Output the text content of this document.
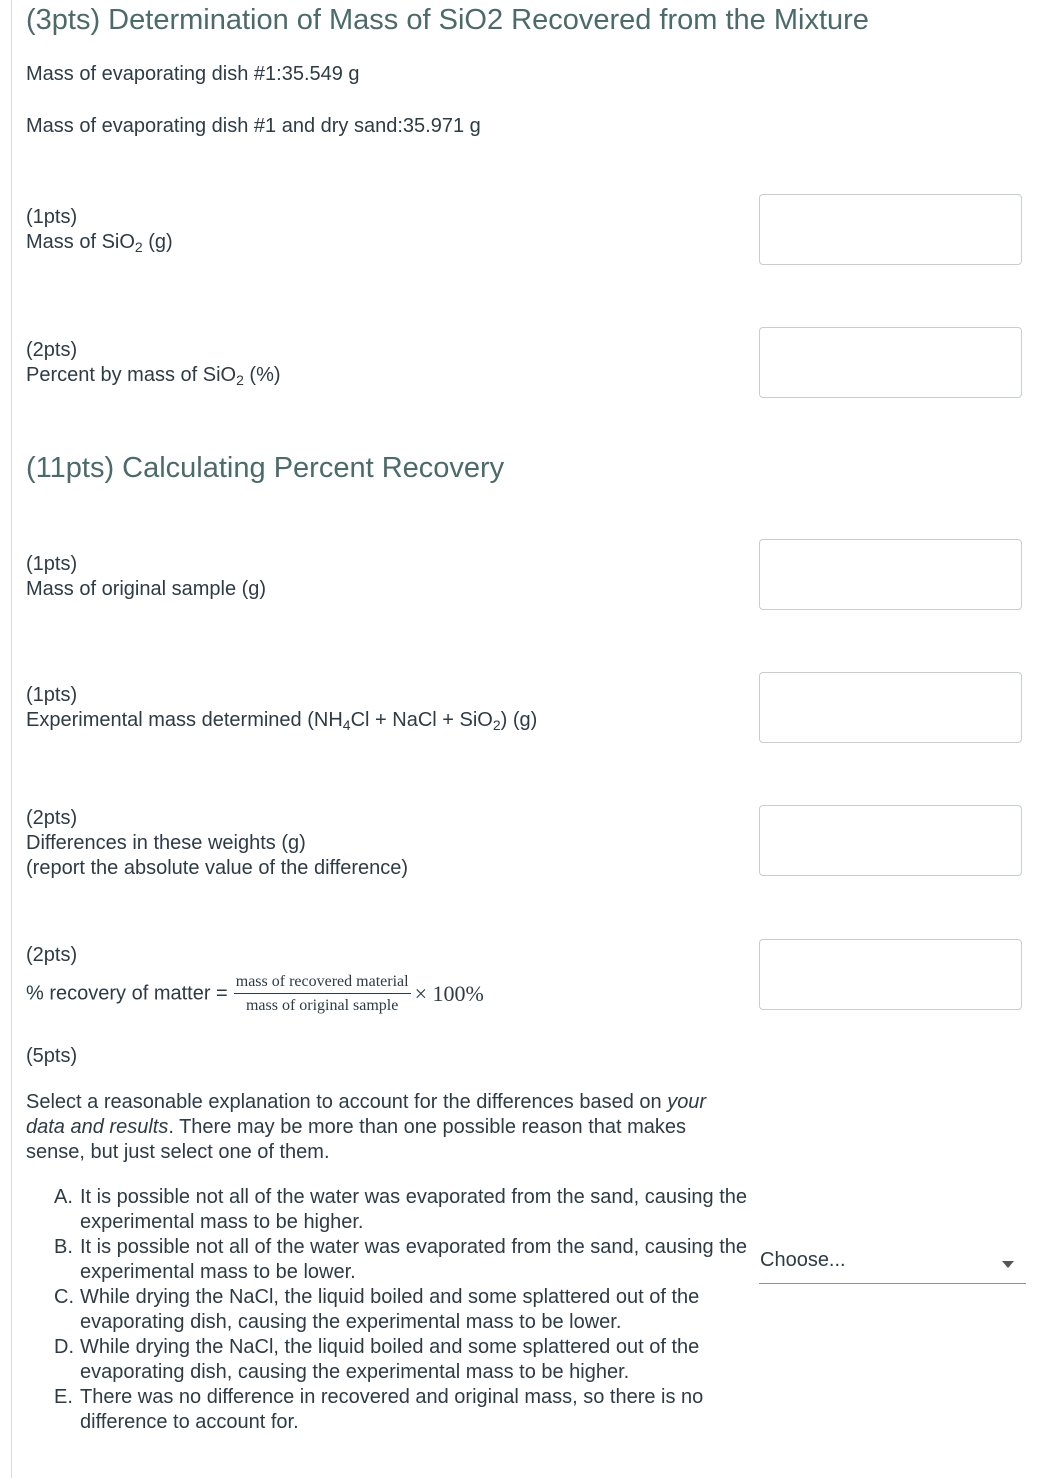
(3pts) Determination of Mass of SiO2 Recovered from the Mixture
Mass of evaporating dish #1:35.549 g
Mass of evaporating dish #1 and dry sand:35.971 g
(1pts)
Mass of SiO$_2$ (g)
(2pts)
Percent by mass of SiO$_2$ (%)
(11pts) Calculating Percent Recovery
(1pts)
Mass of original sample (g)
(1pts)
Experimental mass determined ($NH_4Cl$ + NaCl + SiO$_2$) (g)
(2pts)
Differences in these weights (g)
(report the absolute value of the difference)
(2pts)
% recovery of matter = $\frac{\text{mass of recovered material}}{\text{mass of original sample}} \times 100\%$
(5pts)
Select a reasonable explanation to account for the differences based on your data and results. There may be more than one possible reason that makes sense, but just select one of them.
A. It is possible not all of the water was evaporated from the sand, causing the experimental mass to be higher.
B. It is possible not all of the water was evaporated from the sand, causing the experimental mass to be lower.
C. While drying the NaCl, the liquid boiled and some splattered out of the evaporating dish, causing the experimental mass to be lower.
D. While drying the NaCl, the liquid boiled and some splattered out of the evaporating dish, causing the experimental mass to be higher.
E. There was no difference in recovered and original mass, so there is no difference to account for.
Choose...
